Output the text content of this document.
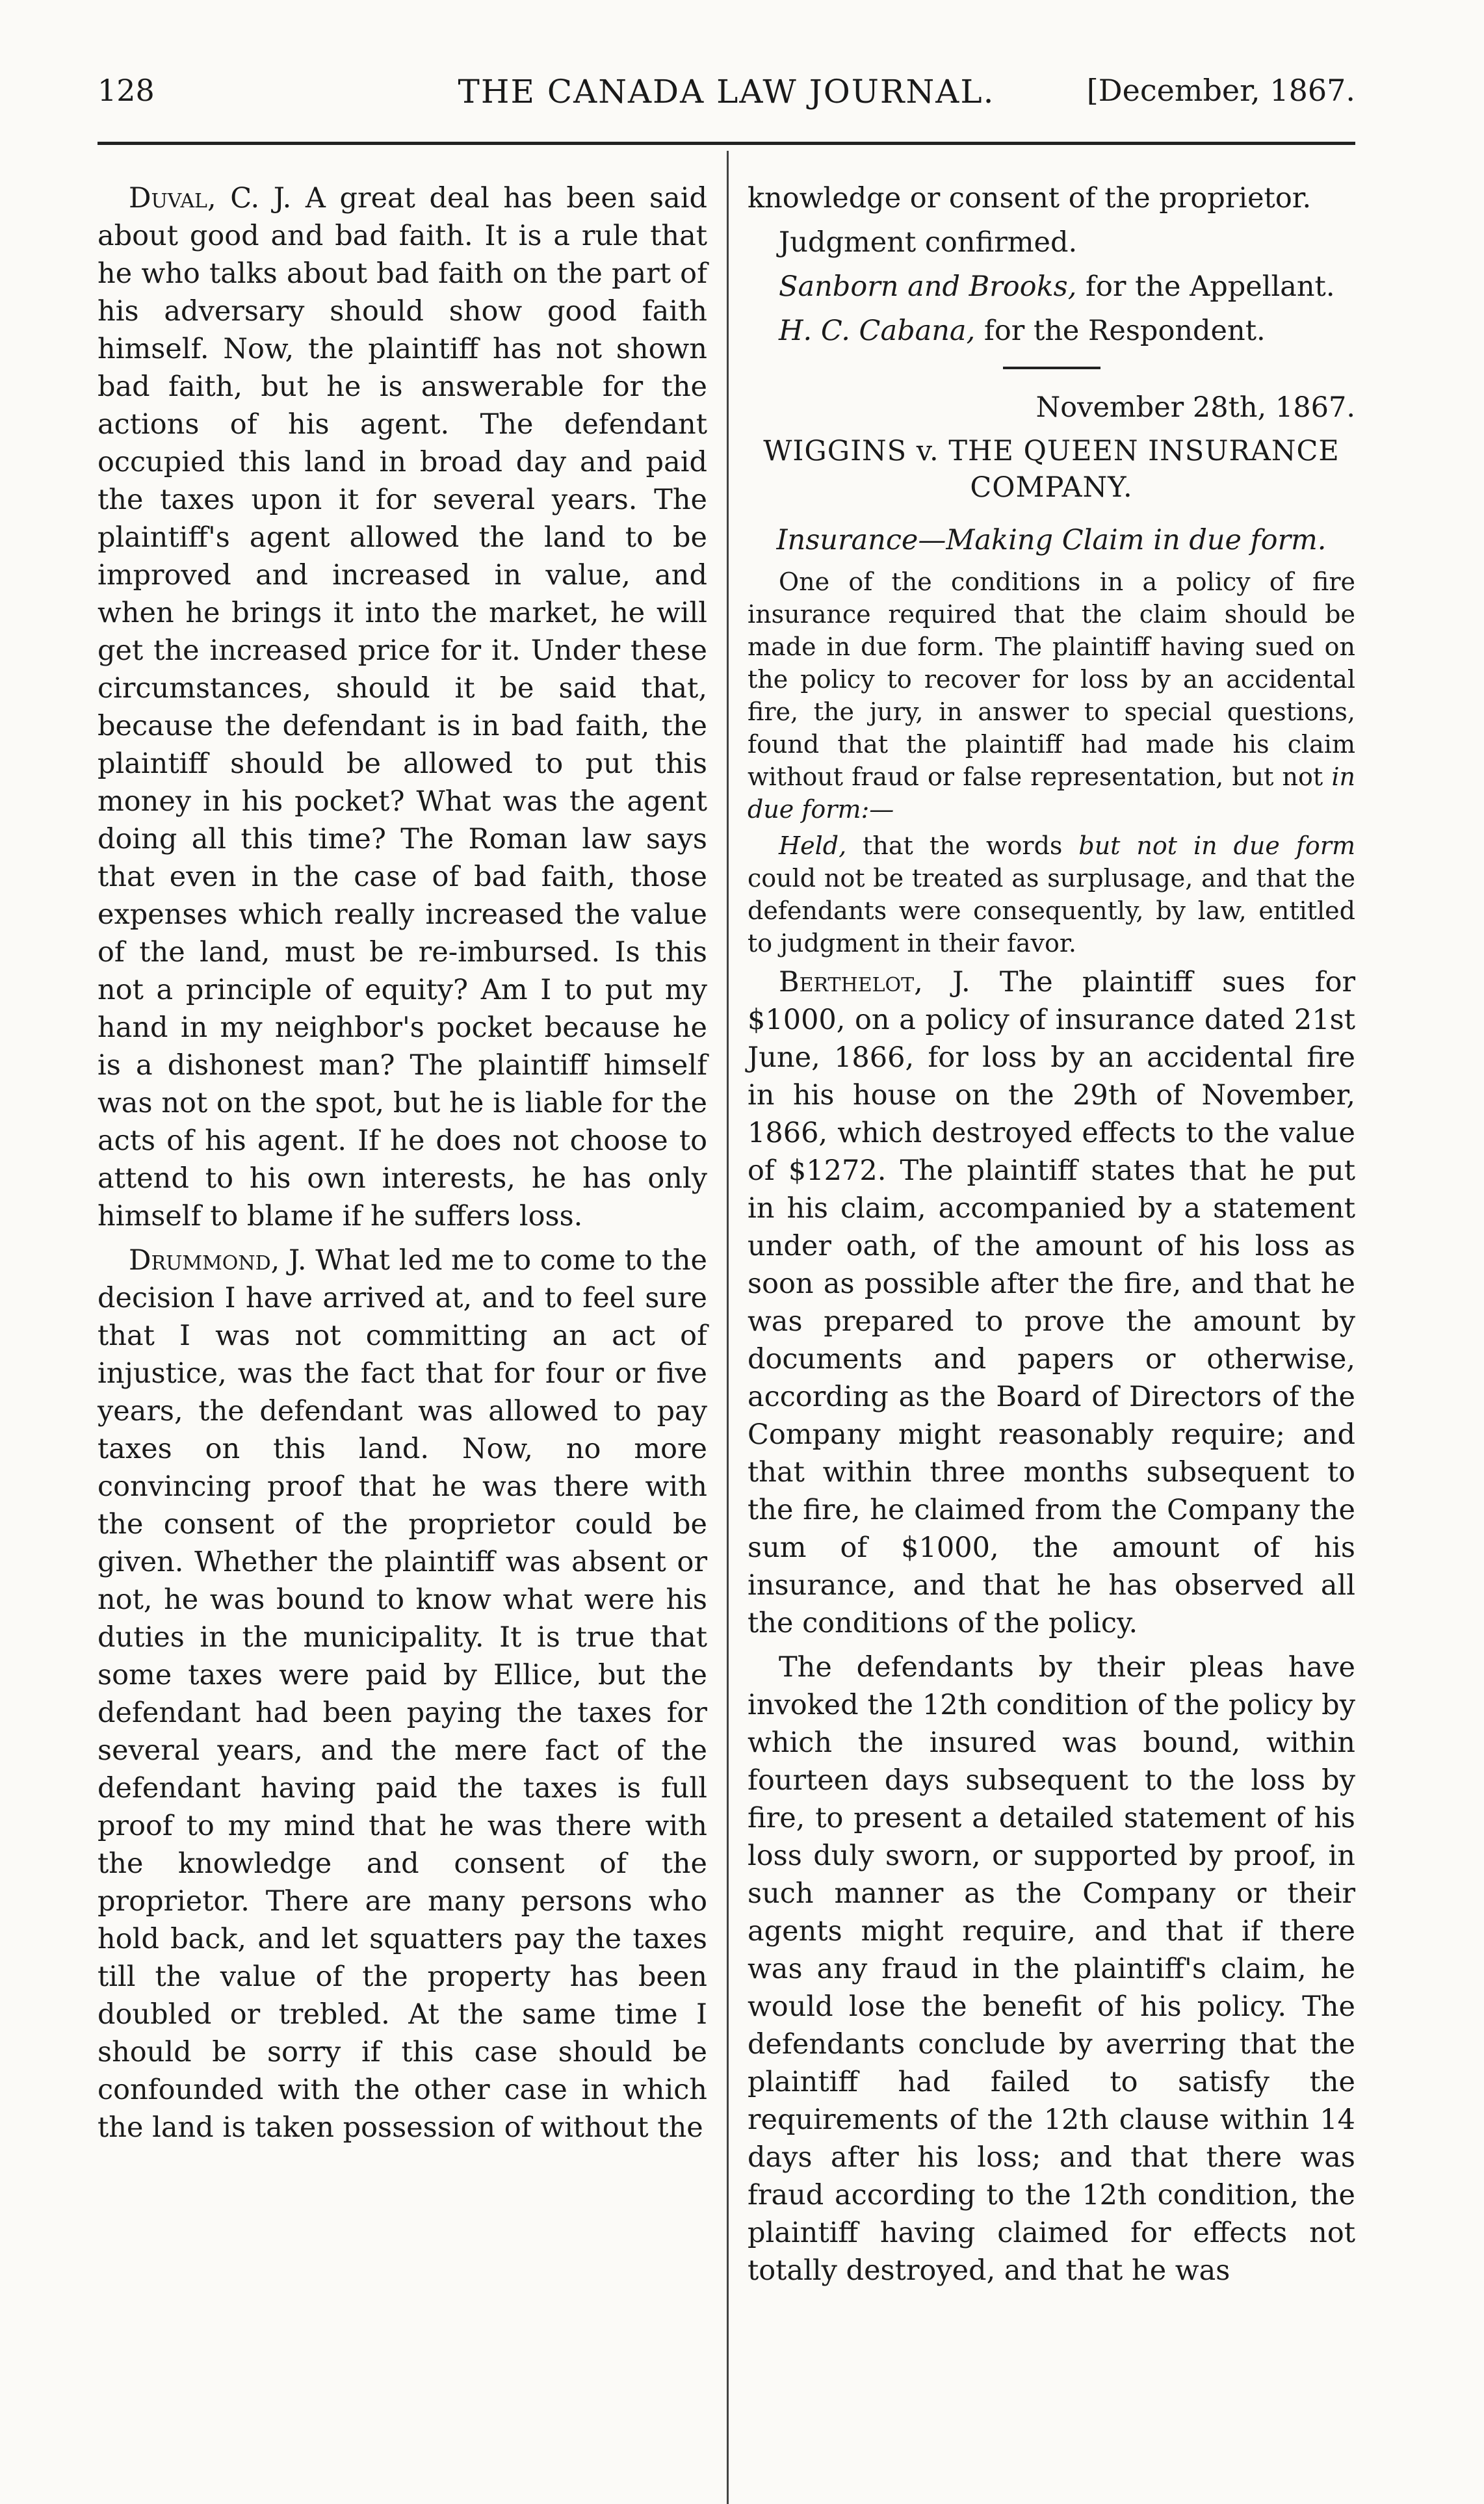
128	THE CANADA LAW JOURNAL.	[December, 1867.

Duval, C. J. A great deal has been said about good and bad faith. It is a rule that he who talks about bad faith on the part of his adversary should show good faith himself. Now, the plaintiff has not shown bad faith, but he is answerable for the actions of his agent. The defendant occupied this land in broad day and paid the taxes upon it for several years. The plaintiff's agent allowed the land to be improved and increased in value, and when he brings it into the market, he will get the increased price for it. Under these circumstances, should it be said that, because the defendant is in bad faith, the plaintiff should be allowed to put this money in his pocket? What was the agent doing all this time? The Roman law says that even in the case of bad faith, those expenses which really increased the value of the land, must be re-imbursed. Is this not a principle of equity? Am I to put my hand in my neighbor's pocket because he is a dishonest man? The plaintiff himself was not on the spot, but he is liable for the acts of his agent. If he does not choose to attend to his own interests, he has only himself to blame if he suffers loss.

Drummond, J. What led me to come to the decision I have arrived at, and to feel sure that I was not committing an act of injustice, was the fact that for four or five years, the defendant was allowed to pay taxes on this land. Now, no more convincing proof that he was there with the consent of the proprietor could be given. Whether the plaintiff was absent or not, he was bound to know what were his duties in the municipality. It is true that some taxes were paid by Ellice, but the defendant had been paying the taxes for several years, and the mere fact of the defendant having paid the taxes is full proof to my mind that he was there with the knowledge and consent of the proprietor. There are many persons who hold back, and let squatters pay the taxes till the value of the property has been doubled or trebled. At the same time I should be sorry if this case should be confounded with the other case in which the land is taken possession of without the

knowledge or consent of the proprietor.

Judgment confirmed.

Sanborn and Brooks, for the Appellant.

H. C. Cabana, for the Respondent.

November 28th, 1867.

WIGGINS v. THE QUEEN INSURANCE COMPANY.

Insurance—Making Claim in due form.

One of the conditions in a policy of fire insurance required that the claim should be made in due form. The plaintiff having sued on the policy to recover for loss by an accidental fire, the jury, in answer to special questions, found that the plaintiff had made his claim without fraud or false representation, but not in due form:—

Held, that the words but not in due form could not be treated as surplusage, and that the defendants were consequently, by law, entitled to judgment in their favor.

Berthelot, J. The plaintiff sues for $1000, on a policy of insurance dated 21st June, 1866, for loss by an accidental fire in his house on the 29th of November, 1866, which destroyed effects to the value of $1272. The plaintiff states that he put in his claim, accompanied by a statement under oath, of the amount of his loss as soon as possible after the fire, and that he was prepared to prove the amount by documents and papers or otherwise, according as the Board of Directors of the Company might reasonably require; and that within three months subsequent to the fire, he claimed from the Company the sum of $1000, the amount of his insurance, and that he has observed all the conditions of the policy.

The defendants by their pleas have invoked the 12th condition of the policy by which the insured was bound, within fourteen days subsequent to the loss by fire, to present a detailed statement of his loss duly sworn, or supported by proof, in such manner as the Company or their agents might require, and that if there was any fraud in the plaintiff's claim, he would lose the benefit of his policy. The defendants conclude by averring that the plaintiff had failed to satisfy the requirements of the 12th clause within 14 days after his loss; and that there was fraud according to the 12th condition, the plaintiff having claimed for effects not totally destroyed, and that he was
